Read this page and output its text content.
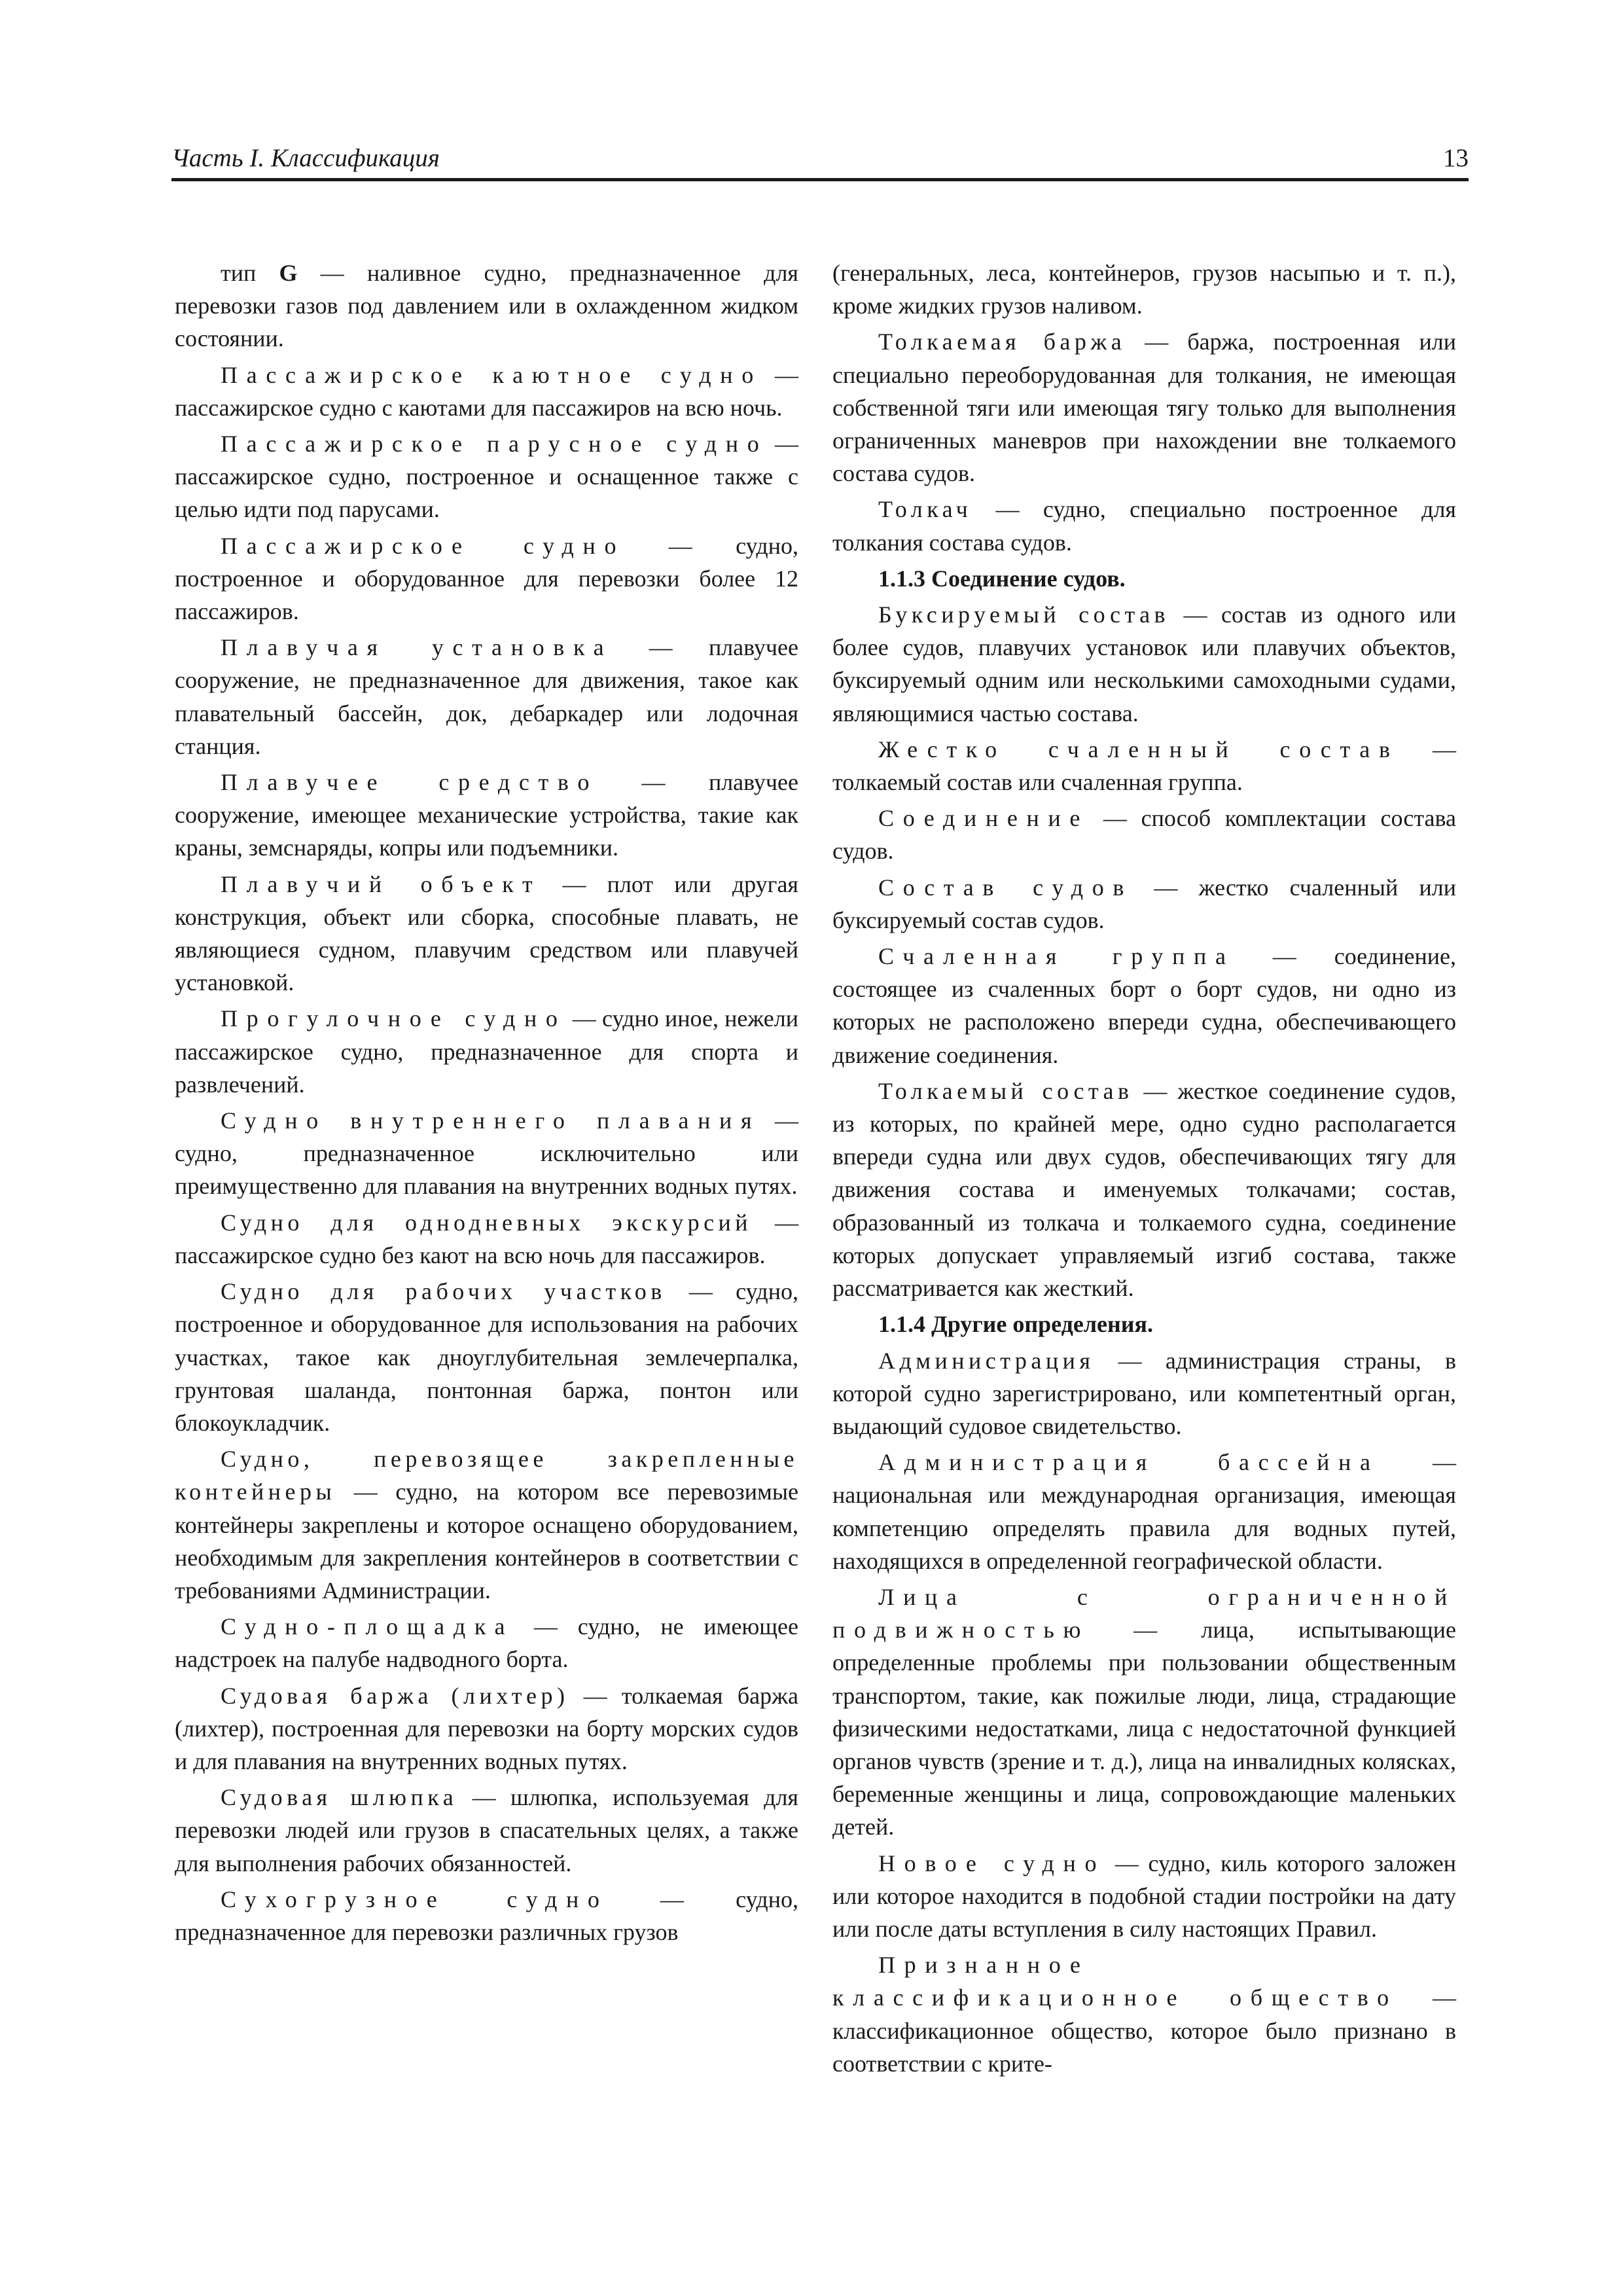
Часть I. Классификация	13

тип G — наливное судно, предназначенное для перевозки газов под давлением или в охлажденном жидком состоянии.

Пассажирское каютное судно — пассажирское судно с каютами для пассажиров на всю ночь.

Пассажирское парусное судно — пассажирское судно, построенное и оснащенное также с целью идти под парусами.

Пассажирское судно — судно, построенное и оборудованное для перевозки более 12 пассажиров.

Плавучая установка — плавучее сооружение, не предназначенное для движения, такое как плавательный бассейн, док, дебаркадер или лодочная станция.

Плавучее средство — плавучее сооружение, имеющее механические устройства, такие как краны, земснаряды, копры или подъемники.

Плавучий объект — плот или другая конструкция, объект или сборка, способные плавать, не являющиеся судном, плавучим средством или плавучей установкой.

Прогулочное судно — судно иное, нежели пассажирское судно, предназначенное для спорта и развлечений.

Судно внутреннего плавания — судно, предназначенное исключительно или преимущественно для плавания на внутренних водных путях.

Судно для однодневных экскурсий — пассажирское судно без кают на всю ночь для пассажиров.

Судно для рабочих участков — судно, построенное и оборудованное для использования на рабочих участках, такое как дноуглубительная землечерпалка, грунтовая шаланда, понтонная баржа, понтон или блокоукладчик.

Судно, перевозящее закрепленные контейнеры — судно, на котором все перевозимые контейнеры закреплены и которое оснащено оборудованием, необходимым для закрепления контейнеров в соответствии с требованиями Администрации.

Судно-площадка — судно, не имеющее надстроек на палубе надводного борта.

Судовая баржа (лихтер) — толкаемая баржа (лихтер), построенная для перевозки на борту морских судов и для плавания на внутренних водных путях.

Судовая шлюпка — шлюпка, используемая для перевозки людей или грузов в спасательных целях, а также для выполнения рабочих обязанностей.

Сухогрузное судно — судно, предназначенное для перевозки различных грузов

(генеральных, леса, контейнеров, грузов насыпью и т. п.), кроме жидких грузов наливом.

Толкаемая баржа — баржа, построенная или специально переоборудованная для толкания, не имеющая собственной тяги или имеющая тягу только для выполнения ограниченных маневров при нахождении вне толкаемого состава судов.

Толкач — судно, специально построенное для толкания состава судов.

1.1.3 Соединение судов.

Буксируемый состав — состав из одного или более судов, плавучих установок или плавучих объектов, буксируемый одним или несколькими самоходными судами, являющимися частью состава.

Жестко счаленный состав — толкаемый состав или счаленная группа.

Соединение — способ комплектации состава судов.

Состав судов — жестко счаленный или буксируемый состав судов.

Счаленная группа — соединение, состоящее из счаленных борт о борт судов, ни одно из которых не расположено впереди судна, обеспечивающего движение соединения.

Толкаемый состав — жесткое соединение судов, из которых, по крайней мере, одно судно располагается впереди судна или двух судов, обеспечивающих тягу для движения состава и именуемых толкачами; состав, образованный из толкача и толкаемого судна, соединение которых допускает управляемый изгиб состава, также рассматривается как жесткий.

1.1.4 Другие определения.

Администрация — администрация страны, в которой судно зарегистрировано, или компетентный орган, выдающий судовое свидетельство.

Администрация бассейна — национальная или международная организация, имеющая компетенцию определять правила для водных путей, находящихся в определенной географической области.

Лица с ограниченной подвижностью — лица, испытывающие определенные проблемы при пользовании общественным транспортом, такие, как пожилые люди, лица, страдающие физическими недостатками, лица с недостаточной функцией органов чувств (зрение и т. д.), лица на инвалидных колясках, беременные женщины и лица, сопровождающие маленьких детей.

Новое судно — судно, киль которого заложен или которое находится в подобной стадии постройки на дату или после даты вступления в силу настоящих Правил.

Признанное классификационное общество — классификационное общество, которое было признано в соответствии с крите-
